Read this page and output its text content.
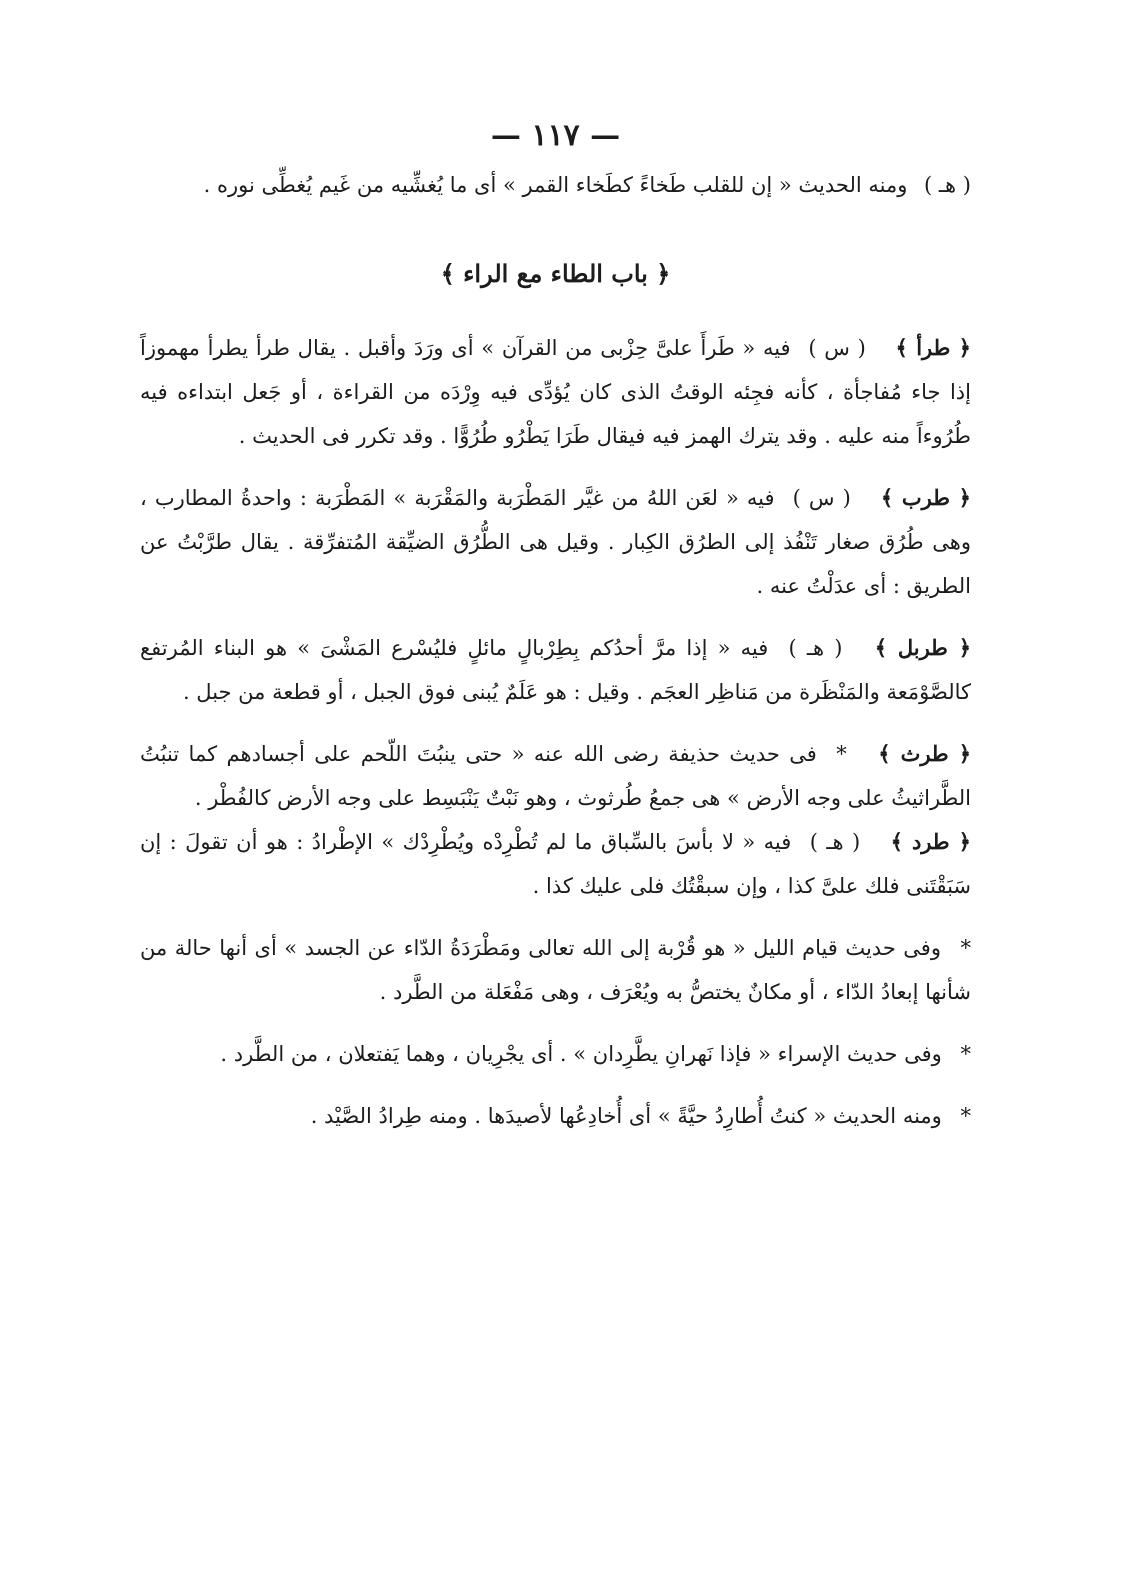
— ١١٧ —

( هـ ) ومنه الحديث « إن للقلب طَخاءً كطَخاء القمر » أى ما يُغشِّيه من غَيم يُغطِّى نوره .

﴿ باب الطاء مع الراء ﴾

﴿ طرأ ﴾ ( س ) فيه « طَرأَ علىَّ حِزْبى من القرآن » أى ورَدَ وأقبل . يقال طرأ يطرأ مهموزاً إذا جاء مُفاجأة ، كأنه فجِئه الوقتُ الذى كان يُؤدِّى فيه وِرْدَه من القراءة ، أو جَعل ابتداءه فيه طُرُوءاً منه عليه . وقد يترك الهمز فيه فيقال طَرَا يَطْرُو طُرُوًّا . وقد تكرر فى الحديث .

﴿ طرب ﴾ ( س ) فيه « لعَن اللهُ من غيَّر المَطْرَبة والمَقْرَبة » المَطْرَبة : واحدةُ المطارب ، وهى طُرُق صغار تَنْفُذ إلى الطرُق الكِبار . وقيل هى الطُّرُق الضيِّقة المُتفرِّقة . يقال طرَّبْتُ عن الطريق : أى عدَلْتُ عنه .

﴿ طربل ﴾ ( هـ ) فيه « إذا مرَّ أحدُكم بِطِرْبالٍ مائلٍ فليُسْرع المَشْىَ » هو البناء المُرتفع كالصَّوْمَعة والمَنْظَرة من مَناظِر العجَم . وقيل : هو عَلَمٌ يُبنى فوق الجبل ، أو قطعة من جبل .

﴿ طرث ﴾ * فى حديث حذيفة رضى الله عنه « حتى ينبُتَ اللّحم على أجسادهم كما تنبُتُ الطَّراثيثُ على وجه الأرض » هى جمعُ طُرثوث ، وهو نَبْتٌ يَنْبَسِط على وجه الأرض كالفُطْر .

﴿ طرد ﴾ ( هـ ) فيه « لا بأسَ بالسِّباق ما لم تُطْرِدْه ويُطْرِدْك » الإطْرادُ : هو أن تقولَ : إن سَبَقْتَنى فلك علىَّ كذا ، وإن سبقْتُك فلى عليك كذا .

* وفى حديث قيام الليل « هو قُرْبة إلى الله تعالى ومَطْرَدَةُ الدّاء عن الجسد » أى أنها حالة من شأنها إبعادُ الدّاء ، أو مكانٌ يختصُّ به ويُعْرَف ، وهى مَفْعَلة من الطَّرد .

* وفى حديث الإسراء « فإذا نَهرانِ يطَّرِدان » . أى يجْرِيان ، وهما يَفتعلان ، من الطَّرد .

* ومنه الحديث « كنتُ أُطارِدُ حيَّةً » أى أُخادِعُها لأصيدَها . ومنه طِرادُ الصَّيْد .
